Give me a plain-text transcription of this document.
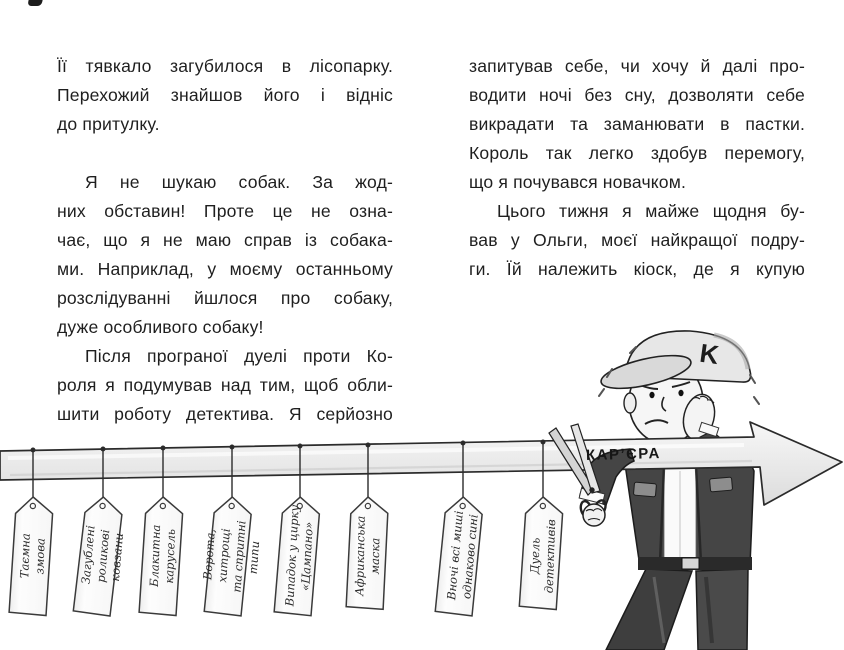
Її тявкало загубилося в лісопарку.
Перехожий знайшов його і відніс
до притулку.
Я не шукаю собак. За жод-
них обставин! Проте це не озна-
чає, що я не маю справ із собака-
ми. Наприклад, у моєму останньому
розслідуванні йшлося про собаку,
дуже особливого собаку!
Після програної дуелі проти Ко-
роля я подумував над тим, щоб обли-
шити роботу детектива. Я серйозно
запитував себе, чи хочу й далі про-
водити ночі без сну, дозволяти себе
викрадати та заманювати в пастки.
Король так легко здобув перемогу,
що я почувався новачком.
Цього тижня я майже щодня бу-
вав у Ольги, моєї найкращої подру-
ги. Їй належить кіоск, де я купую
K
КАР’ЄРА
Таємна
змова	Загублені роликові
ковзани	Блакитна
карусель	Ворота, хитрощі
та спритні типи	Випадок у цирку
«Цампано»	Африканська
маска	Вночі всі миші
однаково сині	Дуель
детективів
